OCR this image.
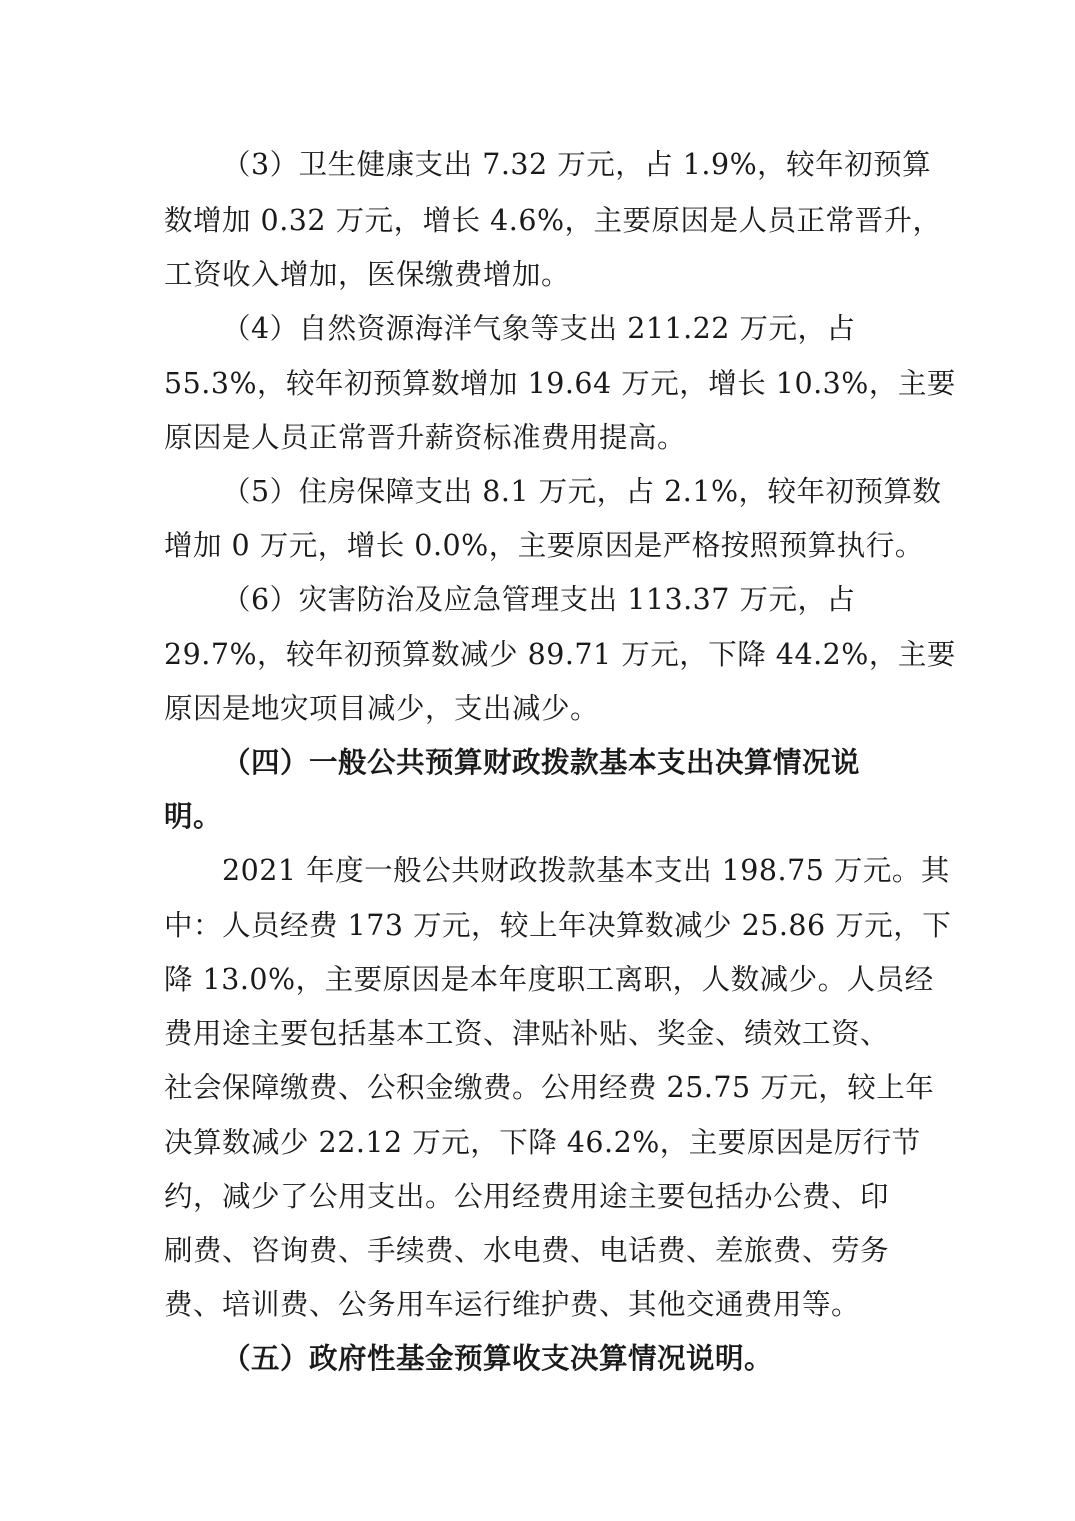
（3）卫生健康支出 7.32 万元，占 1.9%，较年初预算
数增加 0.32 万元，增长 4.6%，主要原因是人员正常晋升，
工资收入增加，医保缴费增加。
（4）自然资源海洋气象等支出 211.22 万元，占
55.3%，较年初预算数增加 19.64 万元，增长 10.3%，主要
原因是人员正常晋升薪资标准费用提高。
（5）住房保障支出 8.1 万元，占 2.1%，较年初预算数
增加 0 万元，增长 0.0%，主要原因是严格按照预算执行。
（6）灾害防治及应急管理支出 113.37 万元，占
29.7%，较年初预算数减少 89.71 万元，下降 44.2%，主要
原因是地灾项目减少，支出减少。
（四）一般公共预算财政拨款基本支出决算情况说
明。
2021 年度一般公共财政拨款基本支出 198.75 万元。其
中：人员经费 173 万元，较上年决算数减少 25.86 万元，下
降 13.0%，主要原因是本年度职工离职，人数减少。人员经
费用途主要包括基本工资、津贴补贴、奖金、绩效工资、
社会保障缴费、公积金缴费。公用经费 25.75 万元，较上年
决算数减少 22.12 万元，下降 46.2%，主要原因是厉行节
约，减少了公用支出。公用经费用途主要包括办公费、印
刷费、咨询费、手续费、水电费、电话费、差旅费、劳务
费、培训费、公务用车运行维护费、其他交通费用等。
（五）政府性基金预算收支决算情况说明。
